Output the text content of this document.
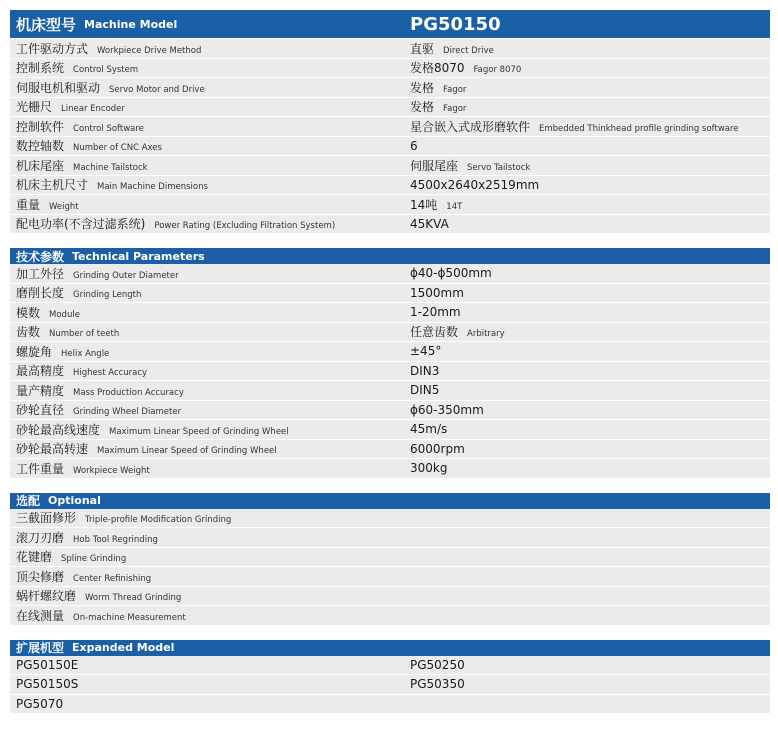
机床型号 Machine Model	PG50150
工件驱动方式 Workpiece Drive Method	直驱 Direct Drive
控制系统 Control System	发格8070 Fagor 8070
伺服电机和驱动 Servo Motor and Drive	发格 Fagor
光栅尺 Linear Encoder	发格 Fagor
控制软件 Control Software	星合嵌入式成形磨软件 Embedded Thinkhead profile grinding software
数控轴数 Number of CNC Axes	6
机床尾座 Machine Tailstock	伺服尾座 Servo Tailstock
机床主机尺寸 Main Machine Dimensions	4500x2640x2519mm
重量 Weight	14吨 14T
配电功率(不含过滤系统) Power Rating (Excluding Filtration System)	45KVA
技术参数 Technical Parameters
加工外径 Grinding Outer Diameter	ϕ40-ϕ500mm
磨削长度 Grinding Length	1500mm
模数 Module	1-20mm
齿数 Number of teeth	任意齿数 Arbitrary
螺旋角 Helix Angle	±45°
最高精度 Highest Accuracy	DIN3
量产精度 Mass Production Accuracy	DIN5
砂轮直径 Grinding Wheel Diameter	ϕ60-350mm
砂轮最高线速度 Maximum Linear Speed of Grinding Wheel	45m/s
砂轮最高转速 Maximum Linear Speed of Grinding Wheel	6000rpm
工件重量 Workpiece Weight	300kg
选配 Optional
三截面修形 Triple-profile Modification Grinding
滚刀刃磨 Hob Tool Regrinding
花键磨 Spline Grinding
顶尖修磨 Center Refinishing
蜗杆螺纹磨 Worm Thread Grinding
在线测量 On-machine Measurement
扩展机型 Expanded Model
PG50150E	PG50250
PG50150S	PG50350
PG5070
